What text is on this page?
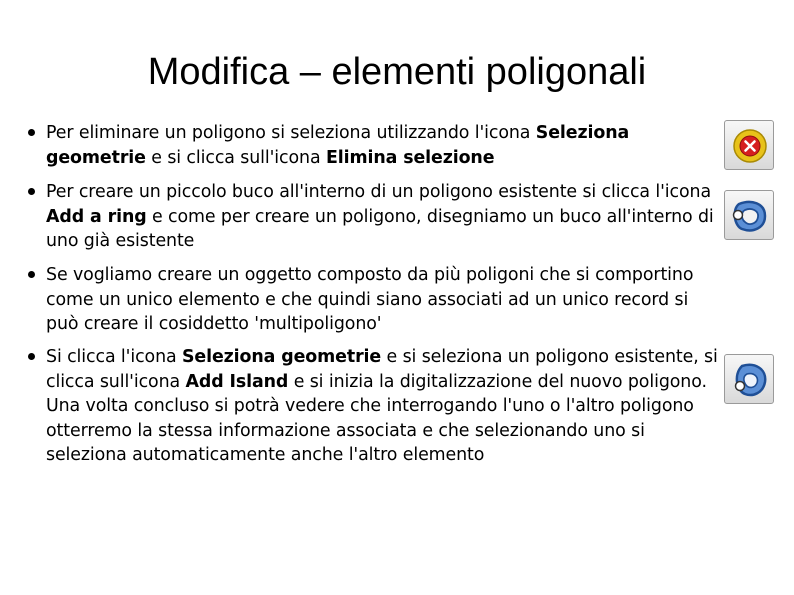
Modifica – elementi poligonali
Per eliminare un poligono si seleziona utilizzando l'icona Seleziona geometrie e si clicca sull'icona Elimina selezione
Per creare un piccolo buco all'interno di un poligono esistente si clicca l'icona Add a ring e come per creare un poligono, disegniamo un buco all'interno di uno già esistente
Se vogliamo creare un oggetto composto da più poligoni che si comportino come un unico elemento e che quindi siano associati ad un unico record si può creare il cosiddetto 'multipoligono'
Si clicca l'icona Seleziona geometrie e si seleziona un poligono esistente, si clicca sull'icona Add Island e si inizia la digitalizzazione del nuovo poligono. Una volta concluso si potrà vedere che interrogando l'uno o l'altro poligono otterremo la stessa informazione associata e che selezionando uno si seleziona automaticamente anche l'altro elemento
